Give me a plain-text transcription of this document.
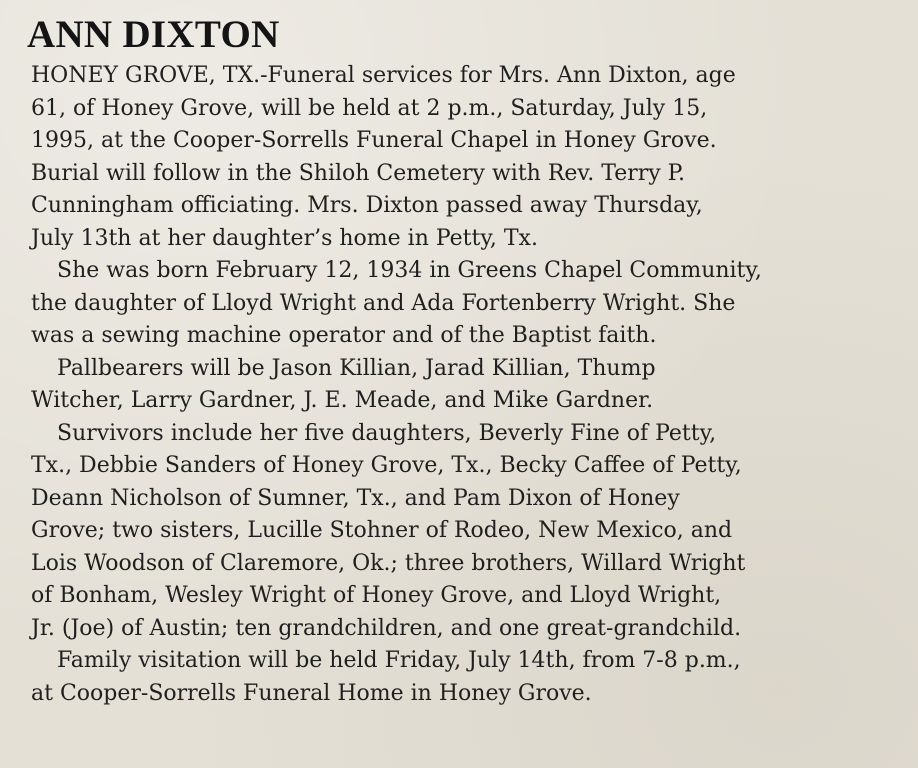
ANN DIXTON
HONEY GROVE, TX.-Funeral services for Mrs. Ann Dixton, age
61, of Honey Grove, will be held at 2 p.m., Saturday, July 15,
1995, at the Cooper-Sorrells Funeral Chapel in Honey Grove.
Burial will follow in the Shiloh Cemetery with Rev. Terry P.
Cunningham officiating. Mrs. Dixton passed away Thursday,
July 13th at her daughter’s home in Petty, Tx.
She was born February 12, 1934 in Greens Chapel Community,
the daughter of Lloyd Wright and Ada Fortenberry Wright. She
was a sewing machine operator and of the Baptist faith.
Pallbearers will be Jason Killian, Jarad Killian, Thump
Witcher, Larry Gardner, J. E. Meade, and Mike Gardner.
Survivors include her five daughters, Beverly Fine of Petty,
Tx., Debbie Sanders of Honey Grove, Tx., Becky Caffee of Petty,
Deann Nicholson of Sumner, Tx., and Pam Dixon of Honey
Grove; two sisters, Lucille Stohner of Rodeo, New Mexico, and
Lois Woodson of Claremore, Ok.; three brothers, Willard Wright
of Bonham, Wesley Wright of Honey Grove, and Lloyd Wright,
Jr. (Joe) of Austin; ten grandchildren, and one great-grandchild.
Family visitation will be held Friday, July 14th, from 7-8 p.m.,
at Cooper-Sorrells Funeral Home in Honey Grove.
